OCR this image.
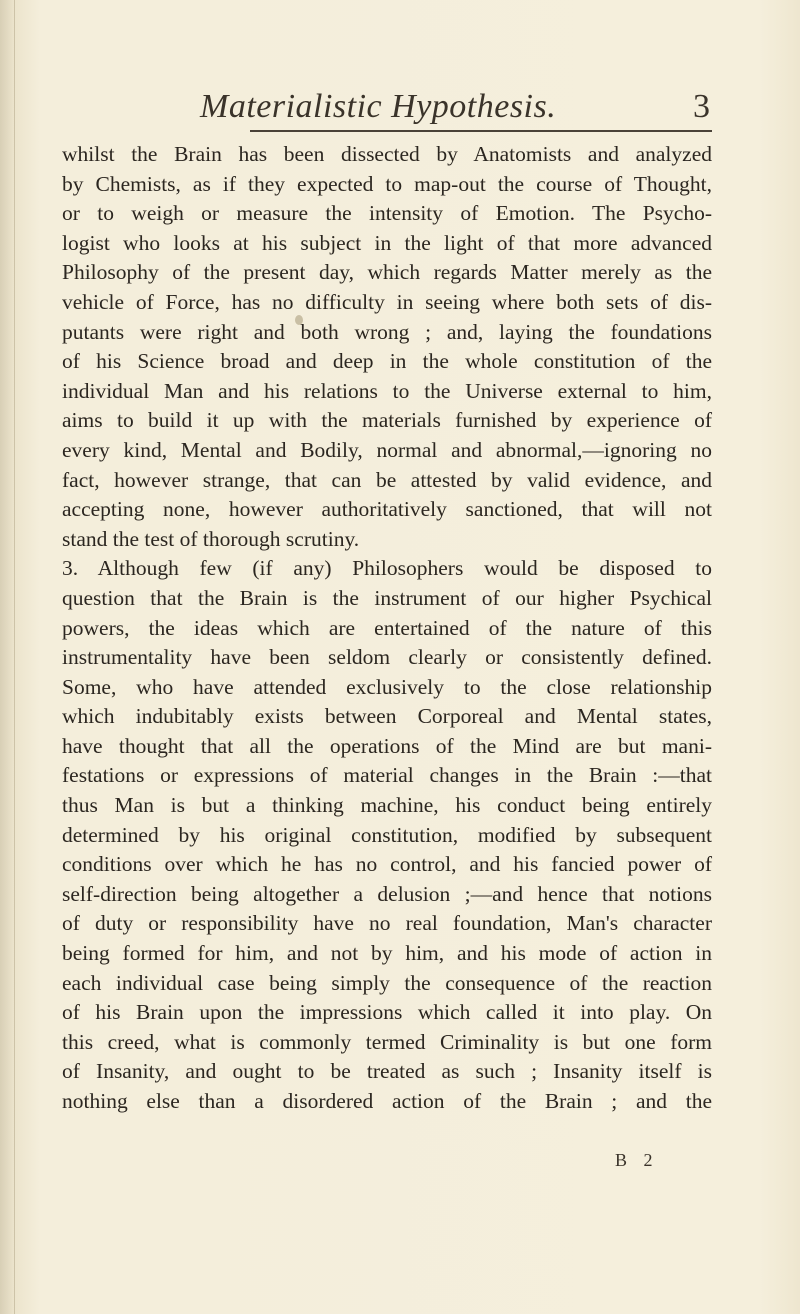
Materialistic Hypothesis.	3
whilst the Brain has been dissected by Anatomists and analyzed
by Chemists, as if they expected to map-out the course of Thought,
or to weigh or measure the intensity of Emotion. The Psycho-
logist who looks at his subject in the light of that more advanced
Philosophy of the present day, which regards Matter merely as the
vehicle of Force, has no difficulty in seeing where both sets of dis-
putants were right and both wrong ; and, laying the foundations
of his Science broad and deep in the whole constitution of the
individual Man and his relations to the Universe external to him,
aims to build it up with the materials furnished by experience of
every kind, Mental and Bodily, normal and abnormal,—ignoring no
fact, however strange, that can be attested by valid evidence, and
accepting none, however authoritatively sanctioned, that will not
stand the test of thorough scrutiny.
3. Although few (if any) Philosophers would be disposed to
question that the Brain is the instrument of our higher Psychical
powers, the ideas which are entertained of the nature of this
instrumentality have been seldom clearly or consistently defined.
Some, who have attended exclusively to the close relationship
which indubitably exists between Corporeal and Mental states,
have thought that all the operations of the Mind are but mani-
festations or expressions of material changes in the Brain :—that
thus Man is but a thinking machine, his conduct being entirely
determined by his original constitution, modified by subsequent
conditions over which he has no control, and his fancied power of
self-direction being altogether a delusion ;—and hence that notions
of duty or responsibility have no real foundation, Man's character
being formed for him, and not by him, and his mode of action in
each individual case being simply the consequence of the reaction
of his Brain upon the impressions which called it into play. On
this creed, what is commonly termed Criminality is but one form
of Insanity, and ought to be treated as such ; Insanity itself is
nothing else than a disordered action of the Brain ; and the
B 2
